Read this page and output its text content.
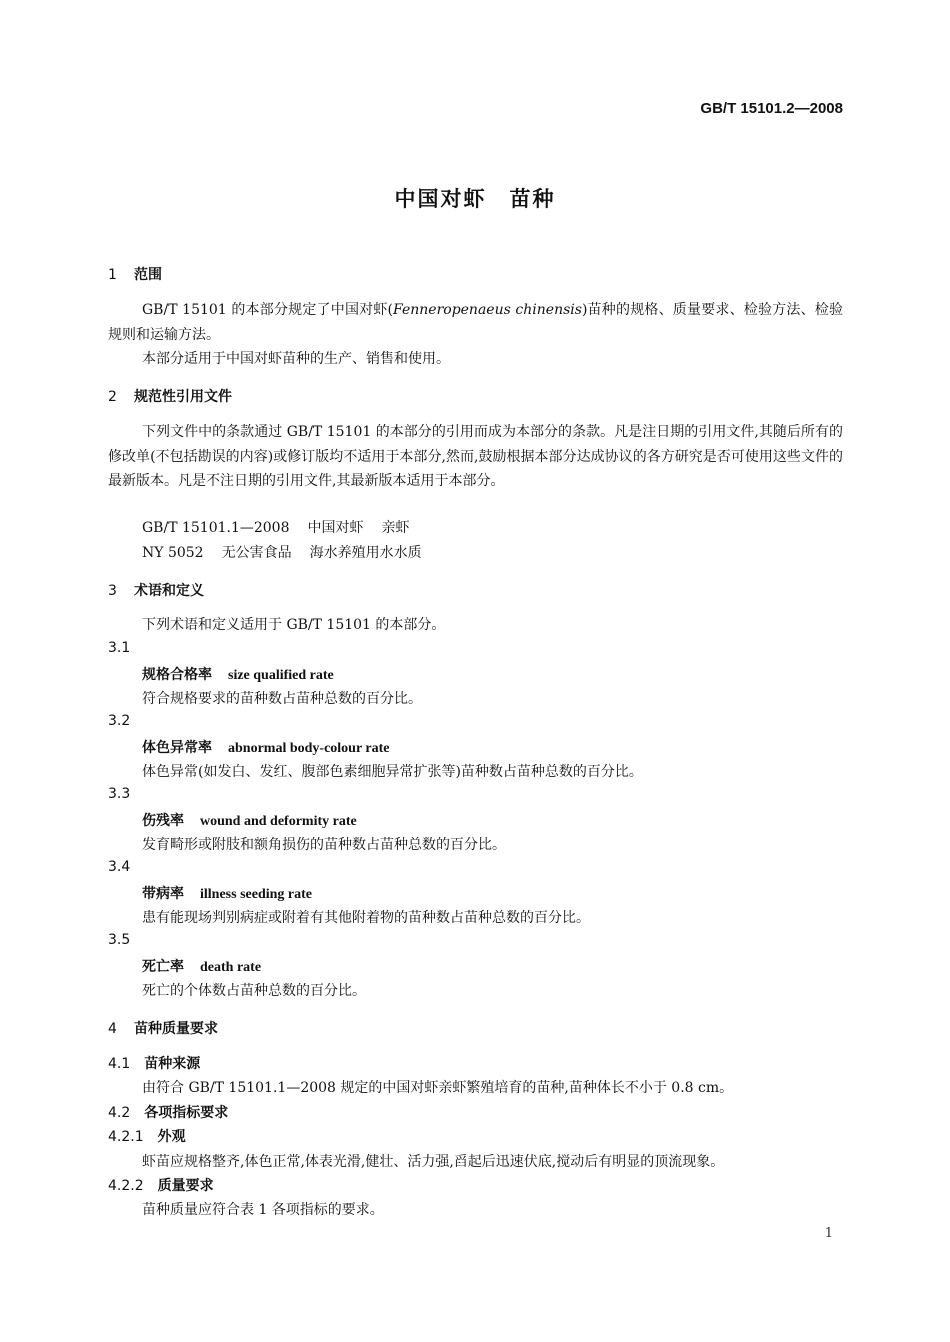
GB/T 15101.2—2008
中国对虾　苗种
1 范围
GB/T 15101 的本部分规定了中国对虾(Fenneropenaeus chinensis)苗种的规格、质量要求、检验方法、检验规则和运输方法。
本部分适用于中国对虾苗种的生产、销售和使用。
2 规范性引用文件
下列文件中的条款通过 GB/T 15101 的本部分的引用而成为本部分的条款。凡是注日期的引用文件,其随后所有的修改单(不包括勘误的内容)或修订版均不适用于本部分,然而,鼓励根据本部分达成协议的各方研究是否可使用这些文件的最新版本。凡是不注日期的引用文件,其最新版本适用于本部分。
GB/T 15101.1—2008 中国对虾 亲虾
NY 5052 无公害食品 海水养殖用水水质
3 术语和定义
下列术语和定义适用于 GB/T 15101 的本部分。
3.1
规格合格率 size qualified rate
符合规格要求的苗种数占苗种总数的百分比。
3.2
体色异常率 abnormal body-colour rate
体色异常(如发白、发红、腹部色素细胞异常扩张等)苗种数占苗种总数的百分比。
3.3
伤残率 wound and deformity rate
发育畸形或附肢和额角损伤的苗种数占苗种总数的百分比。
3.4
带病率 illness seeding rate
患有能现场判别病症或附着有其他附着物的苗种数占苗种总数的百分比。
3.5
死亡率 death rate
死亡的个体数占苗种总数的百分比。
4 苗种质量要求
4.1 苗种来源
由符合 GB/T 15101.1—2008 规定的中国对虾亲虾繁殖培育的苗种,苗种体长不小于 0.8 cm。
4.2 各项指标要求
4.2.1 外观
虾苗应规格整齐,体色正常,体表光滑,健壮、活力强,舀起后迅速伏底,搅动后有明显的顶流现象。
4.2.2 质量要求
苗种质量应符合表 1 各项指标的要求。
1
